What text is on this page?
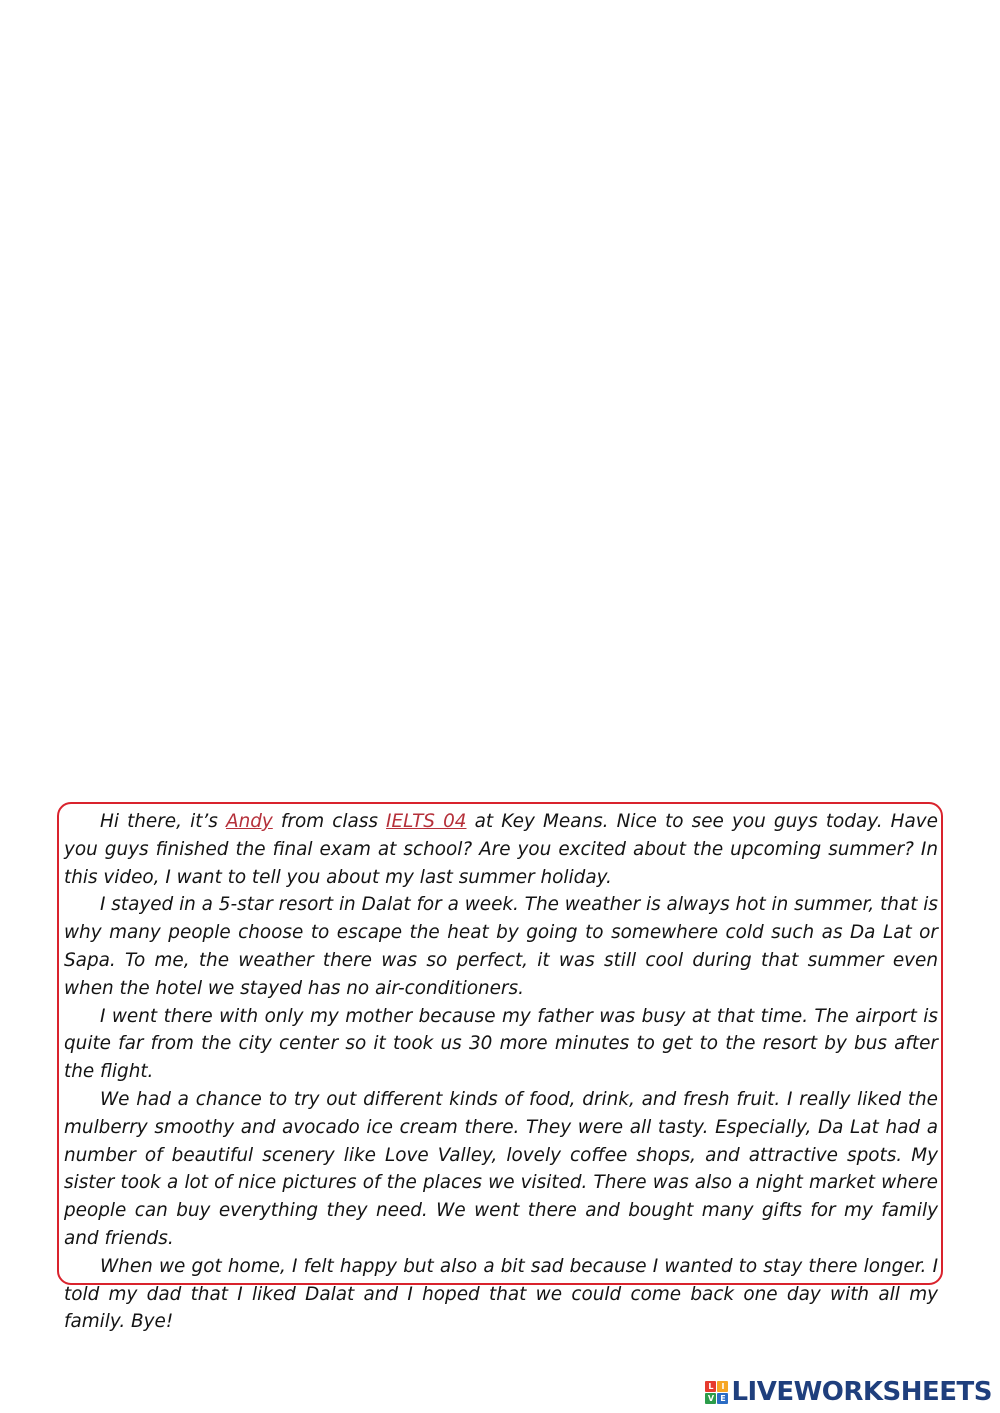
Hi there, it’s Andy from class IELTS 04 at Key Means. Nice to see you guys today. Have you guys finished the final exam at school? Are you excited about the upcoming summer? In this video, I want to tell you about my last summer holiday.

I stayed in a 5-star resort in Dalat for a week. The weather is always hot in summer, that is why many people choose to escape the heat by going to somewhere cold such as Da Lat or Sapa. To me, the weather there was so perfect, it was still cool during that summer even when the hotel we stayed has no air-conditioners.

I went there with only my mother because my father was busy at that time. The airport is quite far from the city center so it took us 30 more minutes to get to the resort by bus after the flight.

We had a chance to try out different kinds of food, drink, and fresh fruit. I really liked the mulberry smoothy and avocado ice cream there. They were all tasty. Especially, Da Lat had a number of beautiful scenery like Love Valley, lovely coffee shops, and attractive spots. My sister took a lot of nice pictures of the places we visited. There was also a night market where people can buy everything they need. We went there and bought many gifts for my family and friends.

When we got home, I felt happy but also a bit sad because I wanted to stay there longer. I told my dad that I liked Dalat and I hoped that we could come back one day with all my family. Bye!

L I
V E LIVEWORKSHEETS
